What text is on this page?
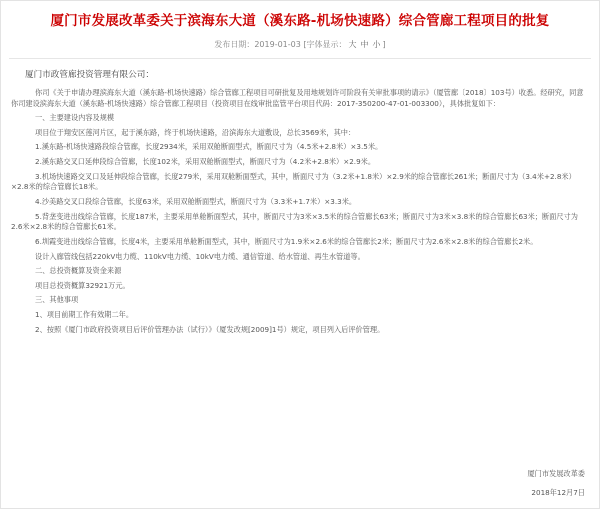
厦门市发展改革委关于滨海东大道（溪东路-机场快速路）综合管廊工程项目的批复
发布日期：2019-01-03 [字体显示： 大 中 小 ]

厦门市政管廊投资管理有限公司：

你司《关于申请办理滨海东大道（溪东路-机场快速路）综合管廊工程项目可研批复及用地规划许可阶段有关审批事项的请示》（厦管廊〔2018〕103号）收悉。经研究，同意你司建设滨海东大道（溪东路-机场快速路）综合管廊工程项目（投资项目在线审批监管平台项目代码：2017-350200-47-01-003300），具体批复如下：

一、主要建设内容及规模

项目位于翔安区莲河片区，起于溪东路，终于机场快速路，沿滨海东大道敷设，总长3569米，其中：

1.溪东路-机场快速路段综合管廊，长度2934米，采用双舱断面型式，断面尺寸为（4.5米+2.8米）×3.5米。

2.溪东路交叉口延伸段综合管廊，长度102米，采用双舱断面型式，断面尺寸为（4.2米+2.8米）×2.9米。

3.机场快速路交叉口及延伸段综合管廊，长度279米，采用双舱断面型式，其中，断面尺寸为（3.2米+1.8米）×2.9米的综合管廊长261米；断面尺寸为（3.4米+2.8米）×2.8米的综合管廊长18米。

4.沙美路交叉口段综合管廊，长度63米，采用双舱断面型式，断面尺寸为（3.3米+1.7米）×3.3米。

5.背垄变进出线综合管廊，长度187米，主要采用单舱断面型式，其中，断面尺寸为3米×3.5米的综合管廊长63米；断面尺寸为3米×3.8米的综合管廊长63米；断面尺寸为2.6米×2.8米的综合管廊长61米。

6.圳霞变进出线综合管廊，长度4米，主要采用单舱断面型式，其中，断面尺寸为1.9米×2.6米的综合管廊长2米；断面尺寸为2.6米×2.8米的综合管廊长2米。

设计入廊管线包括220kV电力缆、110kV电力缆、10kV电力缆、通信管道、给水管道、再生水管道等。

二、总投资概算及资金来源

项目总投资概算32921万元。

三、其他事项

1、项目前期工作有效期二年。

2、按照《厦门市政府投资项目后评价管理办法（试行）》（厦发改规[2009]1号）规定，项目列入后评价管理。

厦门市发展改革委
2018年12月7日
